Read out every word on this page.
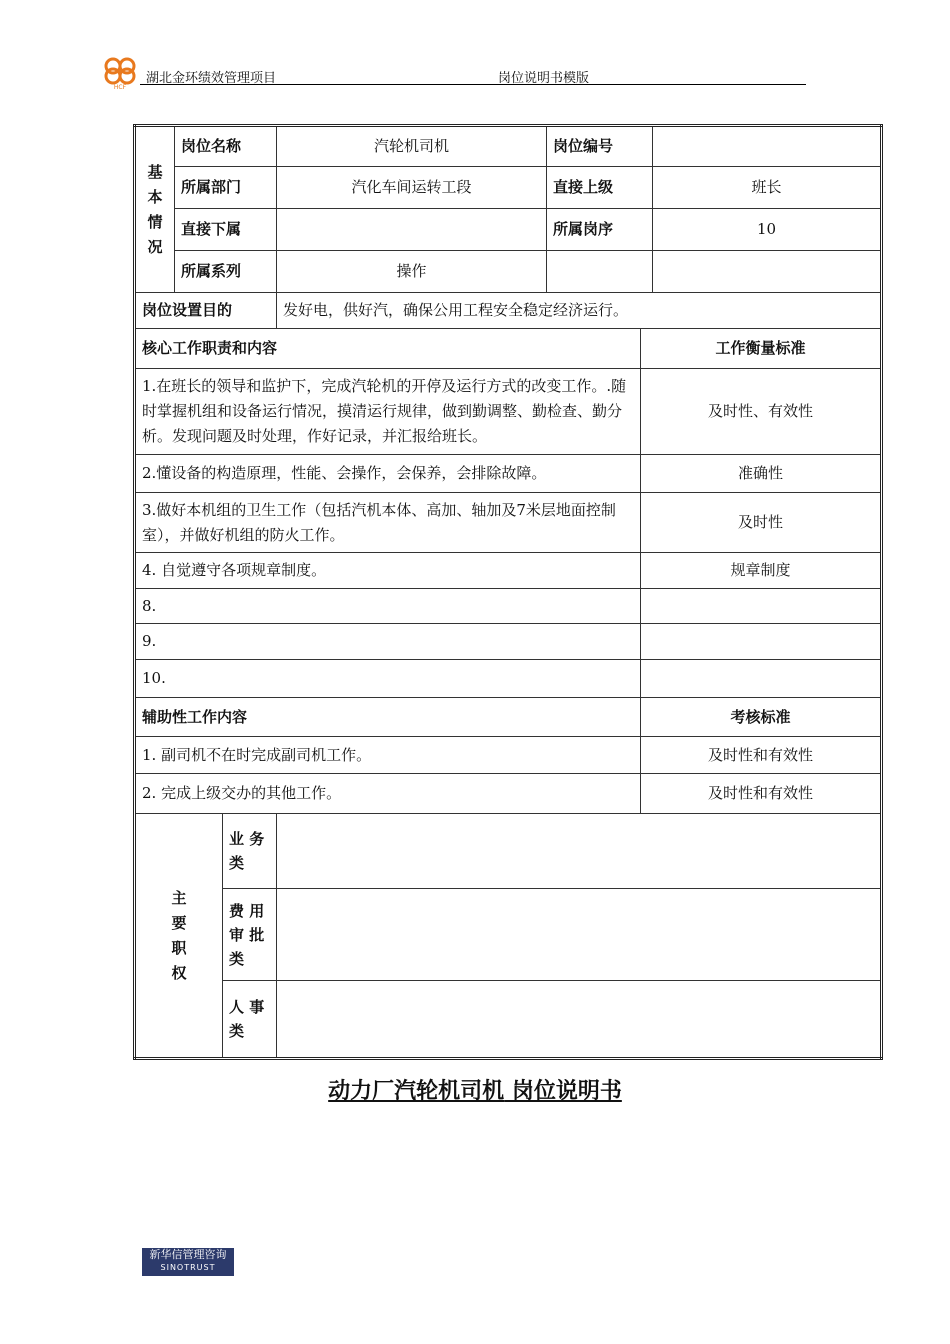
HCF
湖北金环绩效管理项目	岗位说明书模版
基
本
情
况	岗位名称		汽轮机司机	岗位编号		
	所属部门		汽化车间运转工段	直接上级		班长
	直接下属			所属岗序		10
	所属系列		操作			
岗位设置目的			发好电，供好汽，确保公用工程安全稳定经济运行。			
核心工作职责和内容					工作衡量标准	
1.在班长的领导和监护下，完成汽轮机的开停及运行方式的改变工作。.随时掌握机组和设备运行情况，摸清运行规律，做到勤调整、勤检查、勤分析。发现问题及时处理，作好记录，并汇报给班长。					及时性、有效性	
2.懂设备的构造原理，性能、会操作，会保养，会排除故障。					准确性	
3.做好本机组的卫生工作（包括汽机本体、高加、轴加及7米层地面控制室），并做好机组的防火工作。					及时性	
4. 自觉遵守各项规章制度。					规章制度	
8.						
9.						
10.						
辅助性工作内容					考核标准	
1. 副司机不在时完成副司机工作。					及时性和有效性	
2. 完成上级交办的其他工作。					及时性和有效性	

主
要
职
权		业 务 类				
		费 用 审 批 类				
		人 事 类				
动力厂汽轮机司机 岗位说明书
新华信管理咨询
SINOTRUST
